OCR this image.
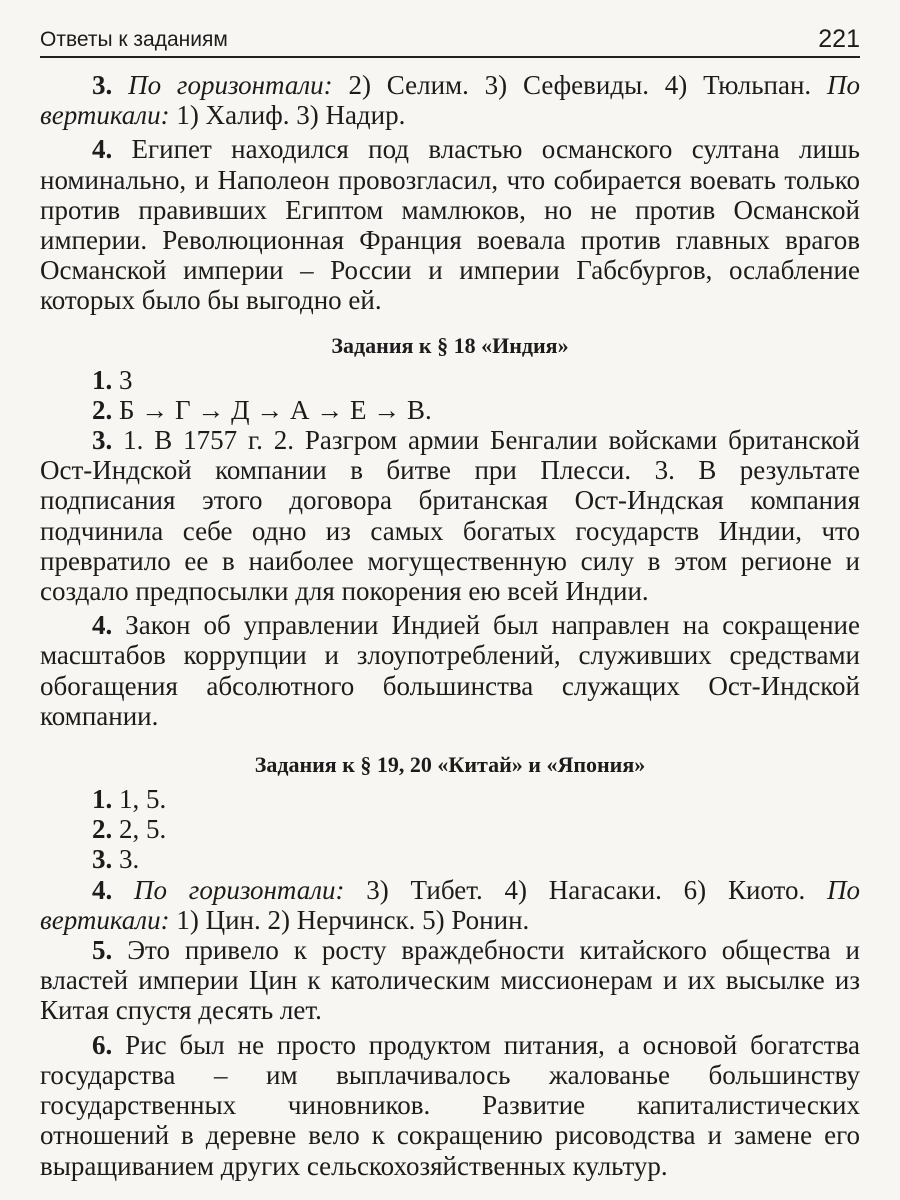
Ответы к заданиям	221

3. По горизонтали: 2) Селим. 3) Сефевиды. 4) Тюльпан. По вертикали: 1) Халиф. 3) Надир.

4. Египет находился под властью османского султана лишь номинально, и Наполеон провозгласил, что собирается воевать только против правивших Египтом мамлюков, но не против Османской империи. Революционная Франция воевала против главных врагов Османской империи – России и империи Габсбургов, ослабление которых было бы выгодно ей.

Задания к § 18 «Индия»

1. 3

2. Б → Г → Д → А → Е → В.

3. 1. В 1757 г. 2. Разгром армии Бенгалии войсками британской Ост-Индской компании в битве при Плесси. 3. В результате подписания этого договора британская Ост-Индская компания подчинила себе одно из самых богатых государств Индии, что превратило ее в наиболее могущественную силу в этом регионе и создало предпосылки для покорения ею всей Индии.

4. Закон об управлении Индией был направлен на сокращение масштабов коррупции и злоупотреблений, служивших средствами обогащения абсолютного большинства служащих Ост-Индской компании.

Задания к § 19, 20 «Китай» и «Япония»

1. 1, 5.

2. 2, 5.

3. 3.

4. По горизонтали: 3) Тибет. 4) Нагасаки. 6) Киото. По вертикали: 1) Цин. 2) Нерчинск. 5) Ронин.

5. Это привело к росту враждебности китайского общества и властей империи Цин к католическим миссионерам и их высылке из Китая спустя десять лет.

6. Рис был не просто продуктом питания, а основой богатства государства – им выплачивалось жалованье большинству государственных чиновников. Развитие капиталистических отношений в деревне вело к сокращению рисоводства и замене его выращиванием других сельскохозяйственных культур.
